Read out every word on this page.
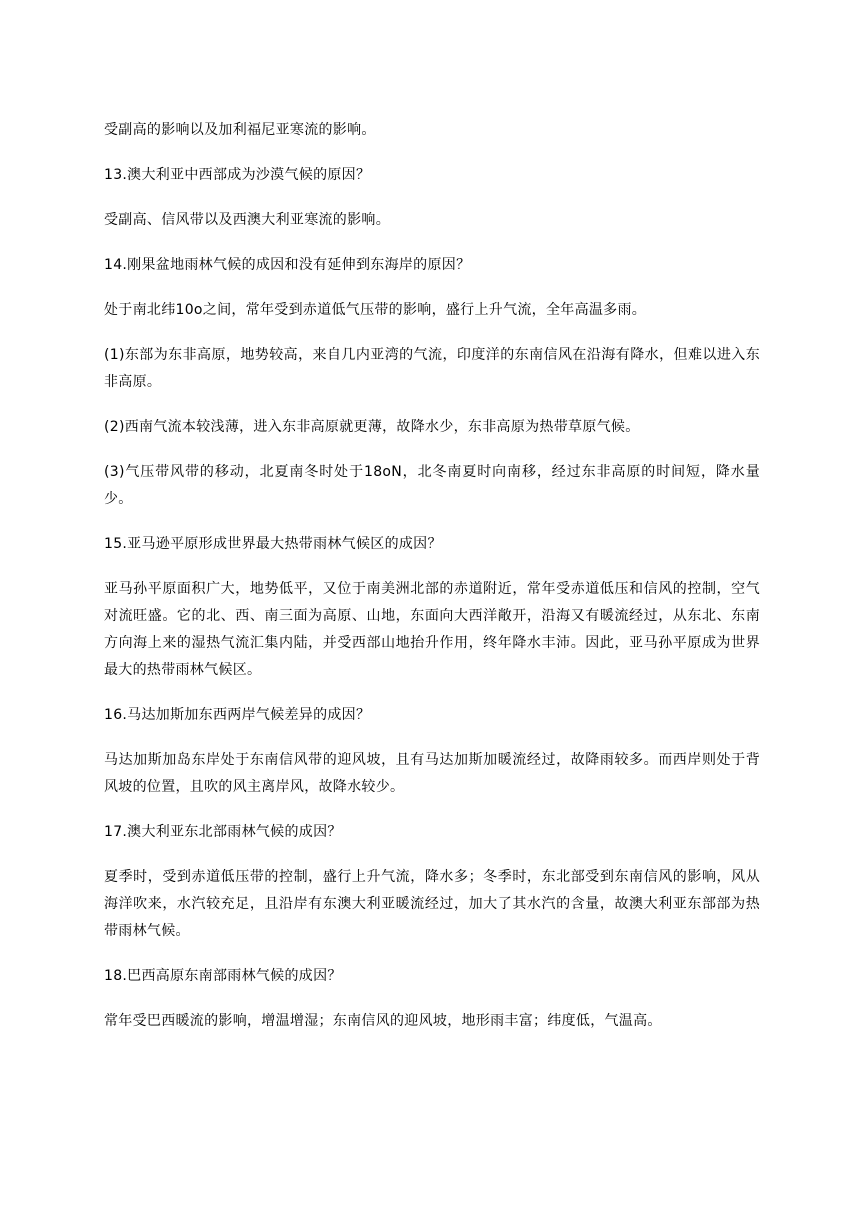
受副高的影响以及加利福尼亚寒流的影响。

13.澳大利亚中西部成为沙漠气候的原因？

受副高、信风带以及西澳大利亚寒流的影响。

14.刚果盆地雨林气候的成因和没有延伸到东海岸的原因？

处于南北纬10o之间，常年受到赤道低气压带的影响，盛行上升气流，全年高温多雨。

(1)东部为东非高原，地势较高，来自几内亚湾的气流，印度洋的东南信风在沿海有降水，但难以进入东非高原。

(2)西南气流本较浅薄，进入东非高原就更薄，故降水少，东非高原为热带草原气候。

(3)气压带风带的移动，北夏南冬时处于18oN，北冬南夏时向南移，经过东非高原的时间短，降水量少。

15.亚马逊平原形成世界最大热带雨林气候区的成因？

亚马孙平原面积广大，地势低平，又位于南美洲北部的赤道附近，常年受赤道低压和信风的控制，空气对流旺盛。它的北、西、南三面为高原、山地，东面向大西洋敞开，沿海又有暖流经过，从东北、东南方向海上来的湿热气流汇集内陆，并受西部山地抬升作用，终年降水丰沛。因此，亚马孙平原成为世界最大的热带雨林气候区。

16.马达加斯加东西两岸气候差异的成因？

马达加斯加岛东岸处于东南信风带的迎风坡，且有马达加斯加暖流经过，故降雨较多。而西岸则处于背风坡的位置，且吹的风主离岸风，故降水较少。

17.澳大利亚东北部雨林气候的成因？

夏季时，受到赤道低压带的控制，盛行上升气流，降水多；冬季时，东北部受到东南信风的影响，风从海洋吹来，水汽较充足，且沿岸有东澳大利亚暖流经过，加大了其水汽的含量，故澳大利亚东部部为热带雨林气候。

18.巴西高原东南部雨林气候的成因？

常年受巴西暖流的影响，增温增湿；东南信风的迎风坡，地形雨丰富；纬度低，气温高。
